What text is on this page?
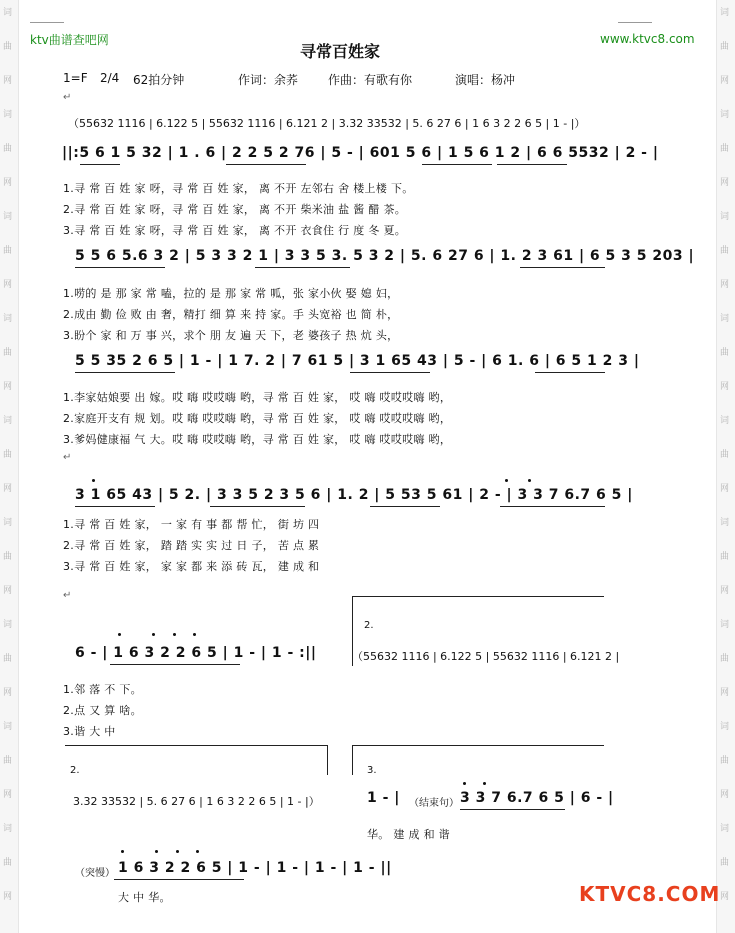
词
曲
网
词
曲
网
词
曲
网
词
曲
网
词
曲
网
词
曲
网
词
曲
网
词
曲
网
词
曲
网
词
曲
网
词
曲
网
词
曲
网
词
曲
网
词
曲
网
词
曲
网
词
曲
网
词
曲
网
词
曲
网
ktv曲谱查吧网	www.ktvc8.com
寻常百姓家
1=F 2/4 62拍分钟	作词：余荞 作曲：有歌有你	演唱：杨冲
↵
（55632 1116 | 6.122 5 | 55632 1116 | 6.121 2 | 3.32 33532 | 5. 6 27 6 | 1 6 3 2 2 6 5 | 1 - |）
||:5 6 1 5 32 | 1 . 6 | 2 2 5 2 76 | 5 - | 601 5 6 | 1 5 6 1 2 | 6 6 5532 | 2 - |
1.寻 常 百 姓 家 呀，寻 常 百 姓 家， 离 不开 左邻右 舍 楼上楼 下。
2.寻 常 百 姓 家 呀，寻 常 百 姓 家， 离 不开 柴米油 盐 酱 醋 茶。
3.寻 常 百 姓 家 呀，寻 常 百 姓 家， 离 不开 衣食住 行 度 冬 夏。
5 5 6 5.6 3 2 | 5 3 3 2 1 | 3 3 5 3. 5 3 2 | 5. 6 27 6 | 1. 2 3 61 | 6 5 3 5 203 |
1.唠的 是 那 家 常 嗑，拉的 是 那 家 常 呱，张 家小伙 娶 媳 妇，
2.成由 勤 俭 败 由 奢，精打 细 算 来 持 家。手 头宽裕 也 简 朴，
3.盼个 家 和 万 事 兴，求个 朋 友 遍 天 下，老 婆孩子 热 炕 头，
5 5 35 2 6 5 | 1 - | 1 7. 2 | 7 61 5 | 3 1 65 43 | 5 - | 6 1. 6 | 6 5 1 2 3 |
1.李家姑娘要 出 嫁。哎 嗨 哎哎嗨 哟，寻 常 百 姓 家， 哎 嗨 哎哎哎嗨 哟，
2.家庭开支有 规 划。哎 嗨 哎哎嗨 哟，寻 常 百 姓 家， 哎 嗨 哎哎哎嗨 哟，
3.爹妈健康福 气 大。哎 嗨 哎哎嗨 哟，寻 常 百 姓 家， 哎 嗨 哎哎哎嗨 哟，
↵
3 1 65 43 | 5 2. | 3 3 5 2 3 5 6 | 1. 2 | 5 53 5 61 | 2 - | 3 3 7 6.7 6 5 |
1.寻 常 百 姓 家， 一 家 有 事 都 帮 忙， 街 坊 四
2.寻 常 百 姓 家， 踏 踏 实 实 过 日 子， 苦 点 累
3.寻 常 百 姓 家， 家 家 都 来 添 砖 瓦， 建 成 和
↵
2.
6 - | 1 6 3 2 2 6 5 | 1 - | 1 - :||	（55632 1116 | 6.122 5 | 55632 1116 | 6.121 2 |
1.邻 落 不 下。
2.点 又 算 啥。
3.谐 大 中
2.	3.
3.32 33532 | 5. 6 27 6 | 1 6 3 2 2 6 5 | 1 - |）	1 - | （结束句） 3 3 7 6.7 6 5 | 6 - |
华。 建 成 和 谐
（突慢） 1 6 3 2 2 6 5 | 1 - | 1 - | 1 - | 1 - ||
大 中 华。	KTVC8.COM
